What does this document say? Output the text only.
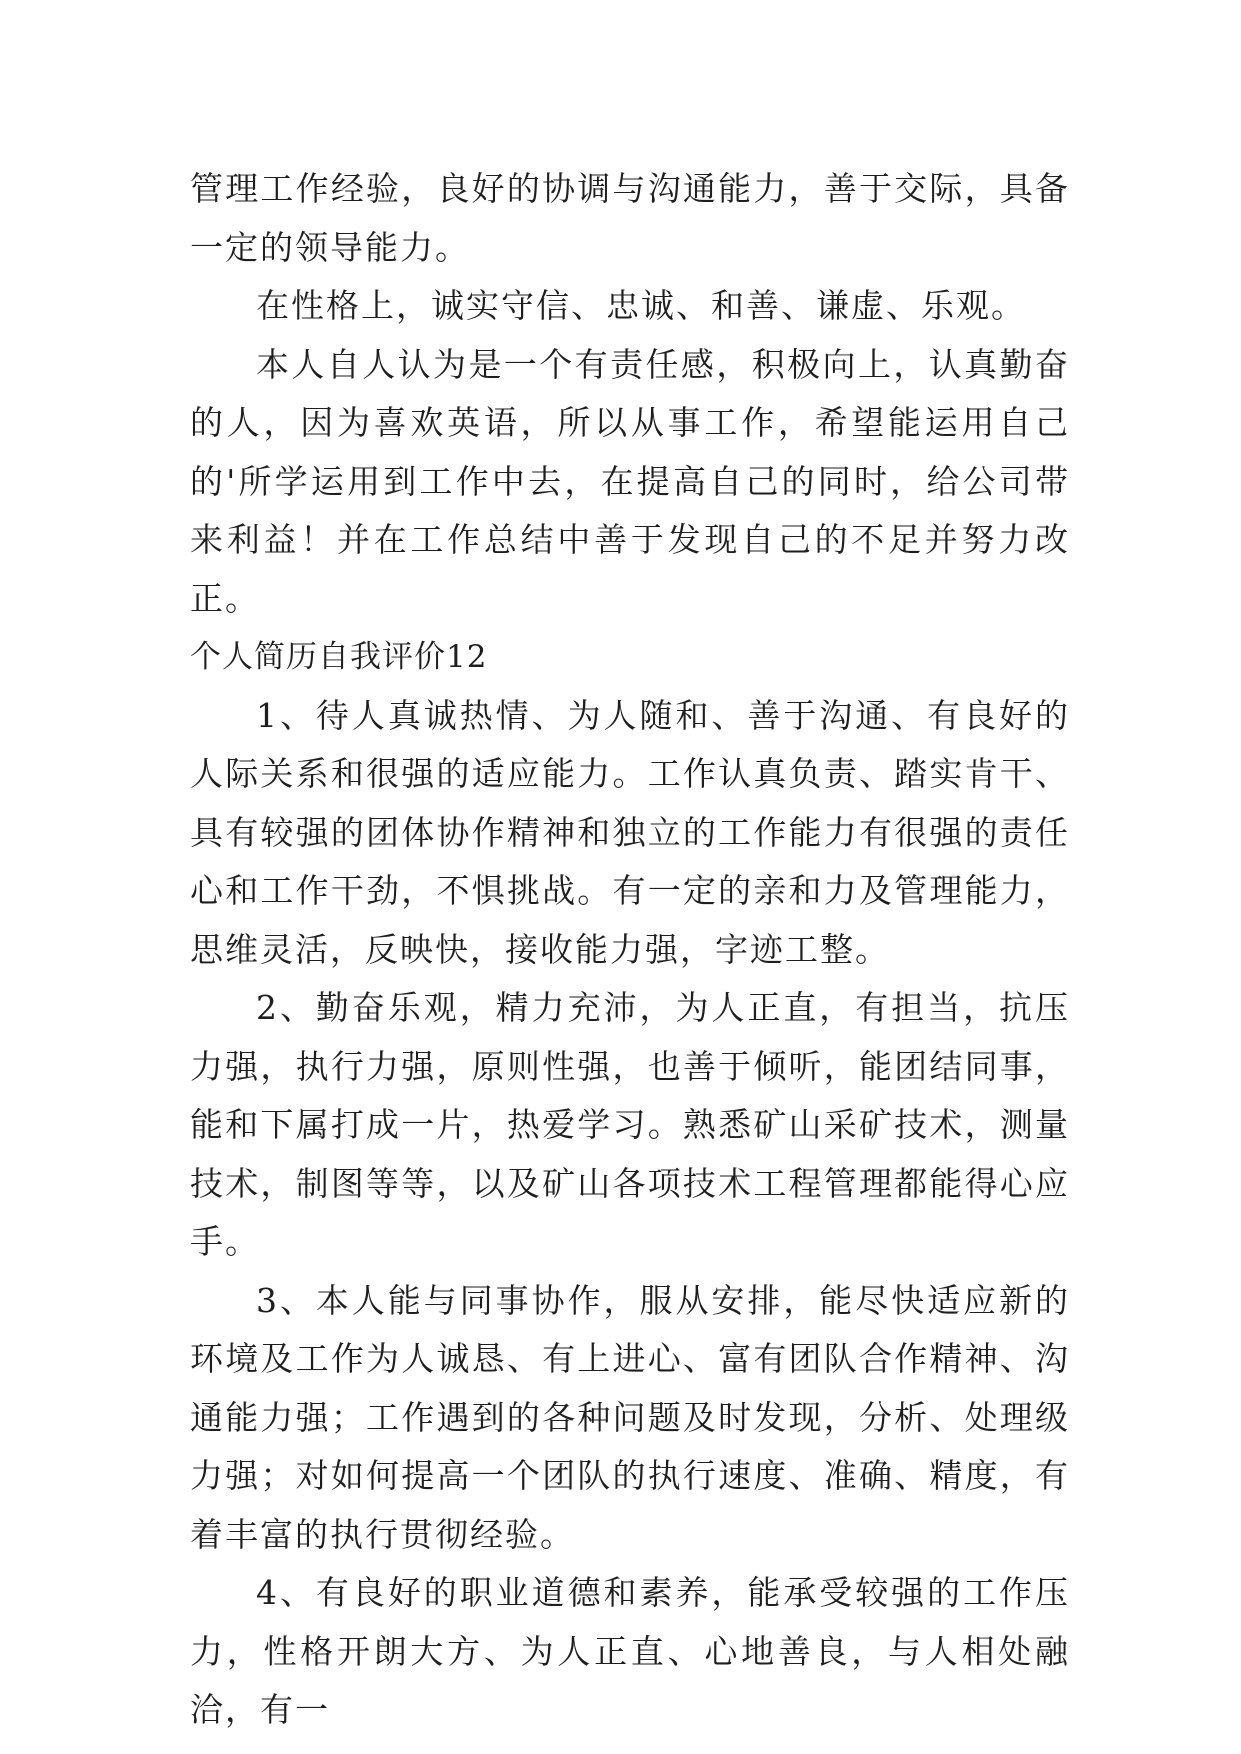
管理工作经验，良好的协调与沟通能力，善于交际，具备一定的领导能力。

在性格上，诚实守信、忠诚、和善、谦虚、乐观。

本人自人认为是一个有责任感，积极向上，认真勤奋的人，因为喜欢英语，所以从事工作，希望能运用自己的'所学运用到工作中去，在提高自己的同时，给公司带来利益！并在工作总结中善于发现自己的不足并努力改正。

个人简历自我评价12

1、待人真诚热情、为人随和、善于沟通、有良好的人际关系和很强的适应能力。工作认真负责、踏实肯干、具有较强的团体协作精神和独立的工作能力有很强的责任心和工作干劲，不惧挑战。有一定的亲和力及管理能力，思维灵活，反映快，接收能力强，字迹工整。

2、勤奋乐观，精力充沛，为人正直，有担当，抗压力强，执行力强，原则性强，也善于倾听，能团结同事，能和下属打成一片，热爱学习。熟悉矿山采矿技术，测量技术，制图等等，以及矿山各项技术工程管理都能得心应手。

3、本人能与同事协作，服从安排，能尽快适应新的环境及工作为人诚恳、有上进心、富有团队合作精神、沟通能力强；工作遇到的各种问题及时发现，分析、处理级力强；对如何提高一个团队的执行速度、准确、精度，有着丰富的执行贯彻经验。

4、有良好的职业道德和素养，能承受较强的工作压力，性格开朗大方、为人正直、心地善良，与人相处融洽，有一
